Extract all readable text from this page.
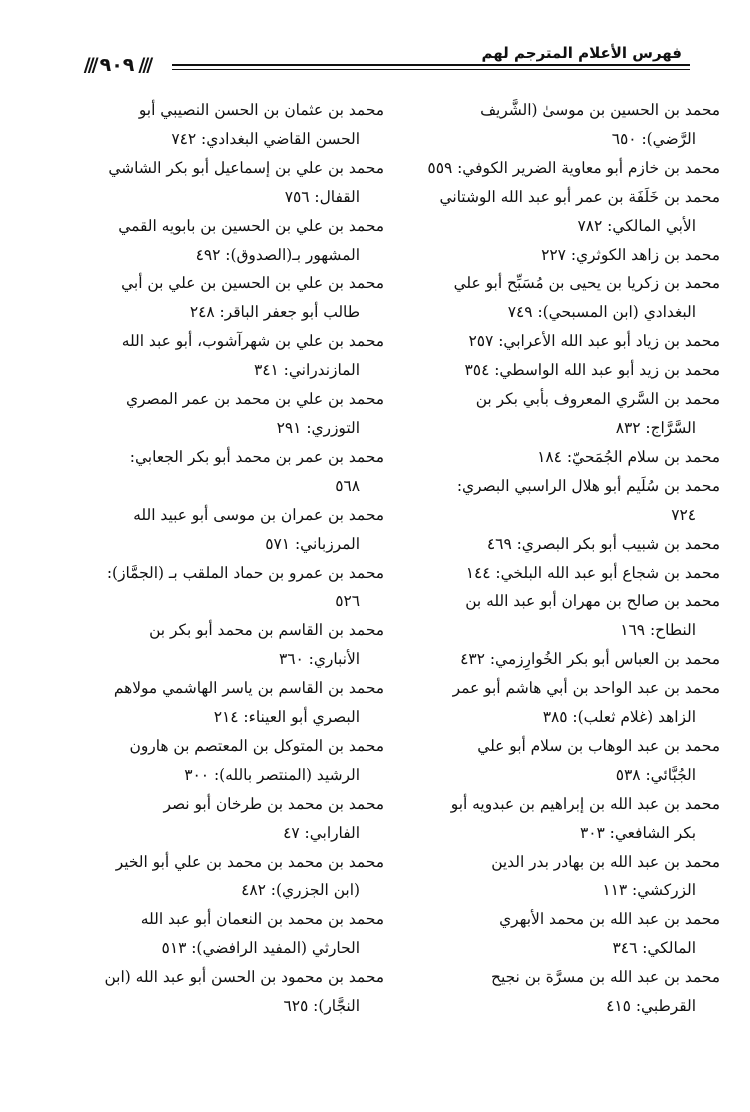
/// ٩٠٩ ///
فهرس الأعلام المترجم لهم
محمد بن الحسين بن موسىٰ (الشَّريف
الرَّضي): ٦٥٠
محمد بن خازم أبو معاوية الضرير الكوفي: ٥٥٩
محمد بن خَلَفَة بن عمر أبو عبد الله الوشتاني
الأبي المالكي: ٧٨٢
محمد بن زاهد الكوثري: ٢٢٧
محمد بن زكريا بن يحيى بن مُسَبِّح أبو علي
البغدادي (ابن المسبحي): ٧٤٩
محمد بن زياد أبو عبد الله الأعرابي: ٢٥٧
محمد بن زيد أبو عبد الله الواسطي: ٣٥٤
محمد بن السَّري المعروف بأبي بكر بن
السَّرَّاج: ٨٣٢
محمد بن سلام الجُمَحيّ: ١٨٤
محمد بن سُلَيم أبو هلال الراسبي البصري:
٧٢٤
محمد بن شبيب أبو بكر البصري: ٤٦٩
محمد بن شجاع أبو عبد الله البلخي: ١٤٤
محمد بن صالح بن مهران أبو عبد الله بن
النطاح: ١٦٩
محمد بن العباس أبو بكر الخُوارِزمي: ٤٣٢
محمد بن عبد الواحد بن أبي هاشم أبو عمر
الزاهد (غلام ثعلب): ٣٨٥
محمد بن عبد الوهاب بن سلام أبو علي
الجُبَّائي: ٥٣٨
محمد بن عبد الله بن إبراهيم بن عبدويه أبو
بكر الشافعي: ٣٠٣
محمد بن عبد الله بن بهادر بدر الدين
الزركشي: ١١٣
محمد بن عبد الله بن محمد الأبهري
المالكي: ٣٤٦
محمد بن عبد الله بن مسرَّة بن نجيح
القرطبي: ٤١٥
محمد بن عثمان بن الحسن النصيبي أبو
الحسن القاضي البغدادي: ٧٤٢
محمد بن علي بن إسماعيل أبو بكر الشاشي
القفال: ٧٥٦
محمد بن علي بن الحسين بن بابويه القمي
المشهور بـ(الصدوق): ٤٩٢
محمد بن علي بن الحسين بن علي بن أبي
طالب أبو جعفر الباقر: ٢٤٨
محمد بن علي بن شهرآشوب، أبو عبد الله
المازندراني: ٣٤١
محمد بن علي بن محمد بن عمر المصري
التوزري: ٢٩١
محمد بن عمر بن محمد أبو بكر الجعابي:
٥٦٨
محمد بن عمران بن موسى أبو عبيد الله
المرزباني: ٥٧١
محمد بن عمرو بن حماد الملقب بـ (الجمَّاز):
٥٢٦
محمد بن القاسم بن محمد أبو بكر بن
الأنباري: ٣٦٠
محمد بن القاسم بن ياسر الهاشمي مولاهم
البصري أبو العيناء: ٢١٤
محمد بن المتوكل بن المعتصم بن هارون
الرشيد (المنتصر بالله): ٣٠٠
محمد بن محمد بن طرخان أبو نصر
الفارابي: ٤٧
محمد بن محمد بن محمد بن علي أبو الخير
(ابن الجزري): ٤٨٢
محمد بن محمد بن النعمان أبو عبد الله
الحارثي (المفيد الرافضي): ٥١٣
محمد بن محمود بن الحسن أبو عبد الله (ابن
النجَّار): ٦٢٥
